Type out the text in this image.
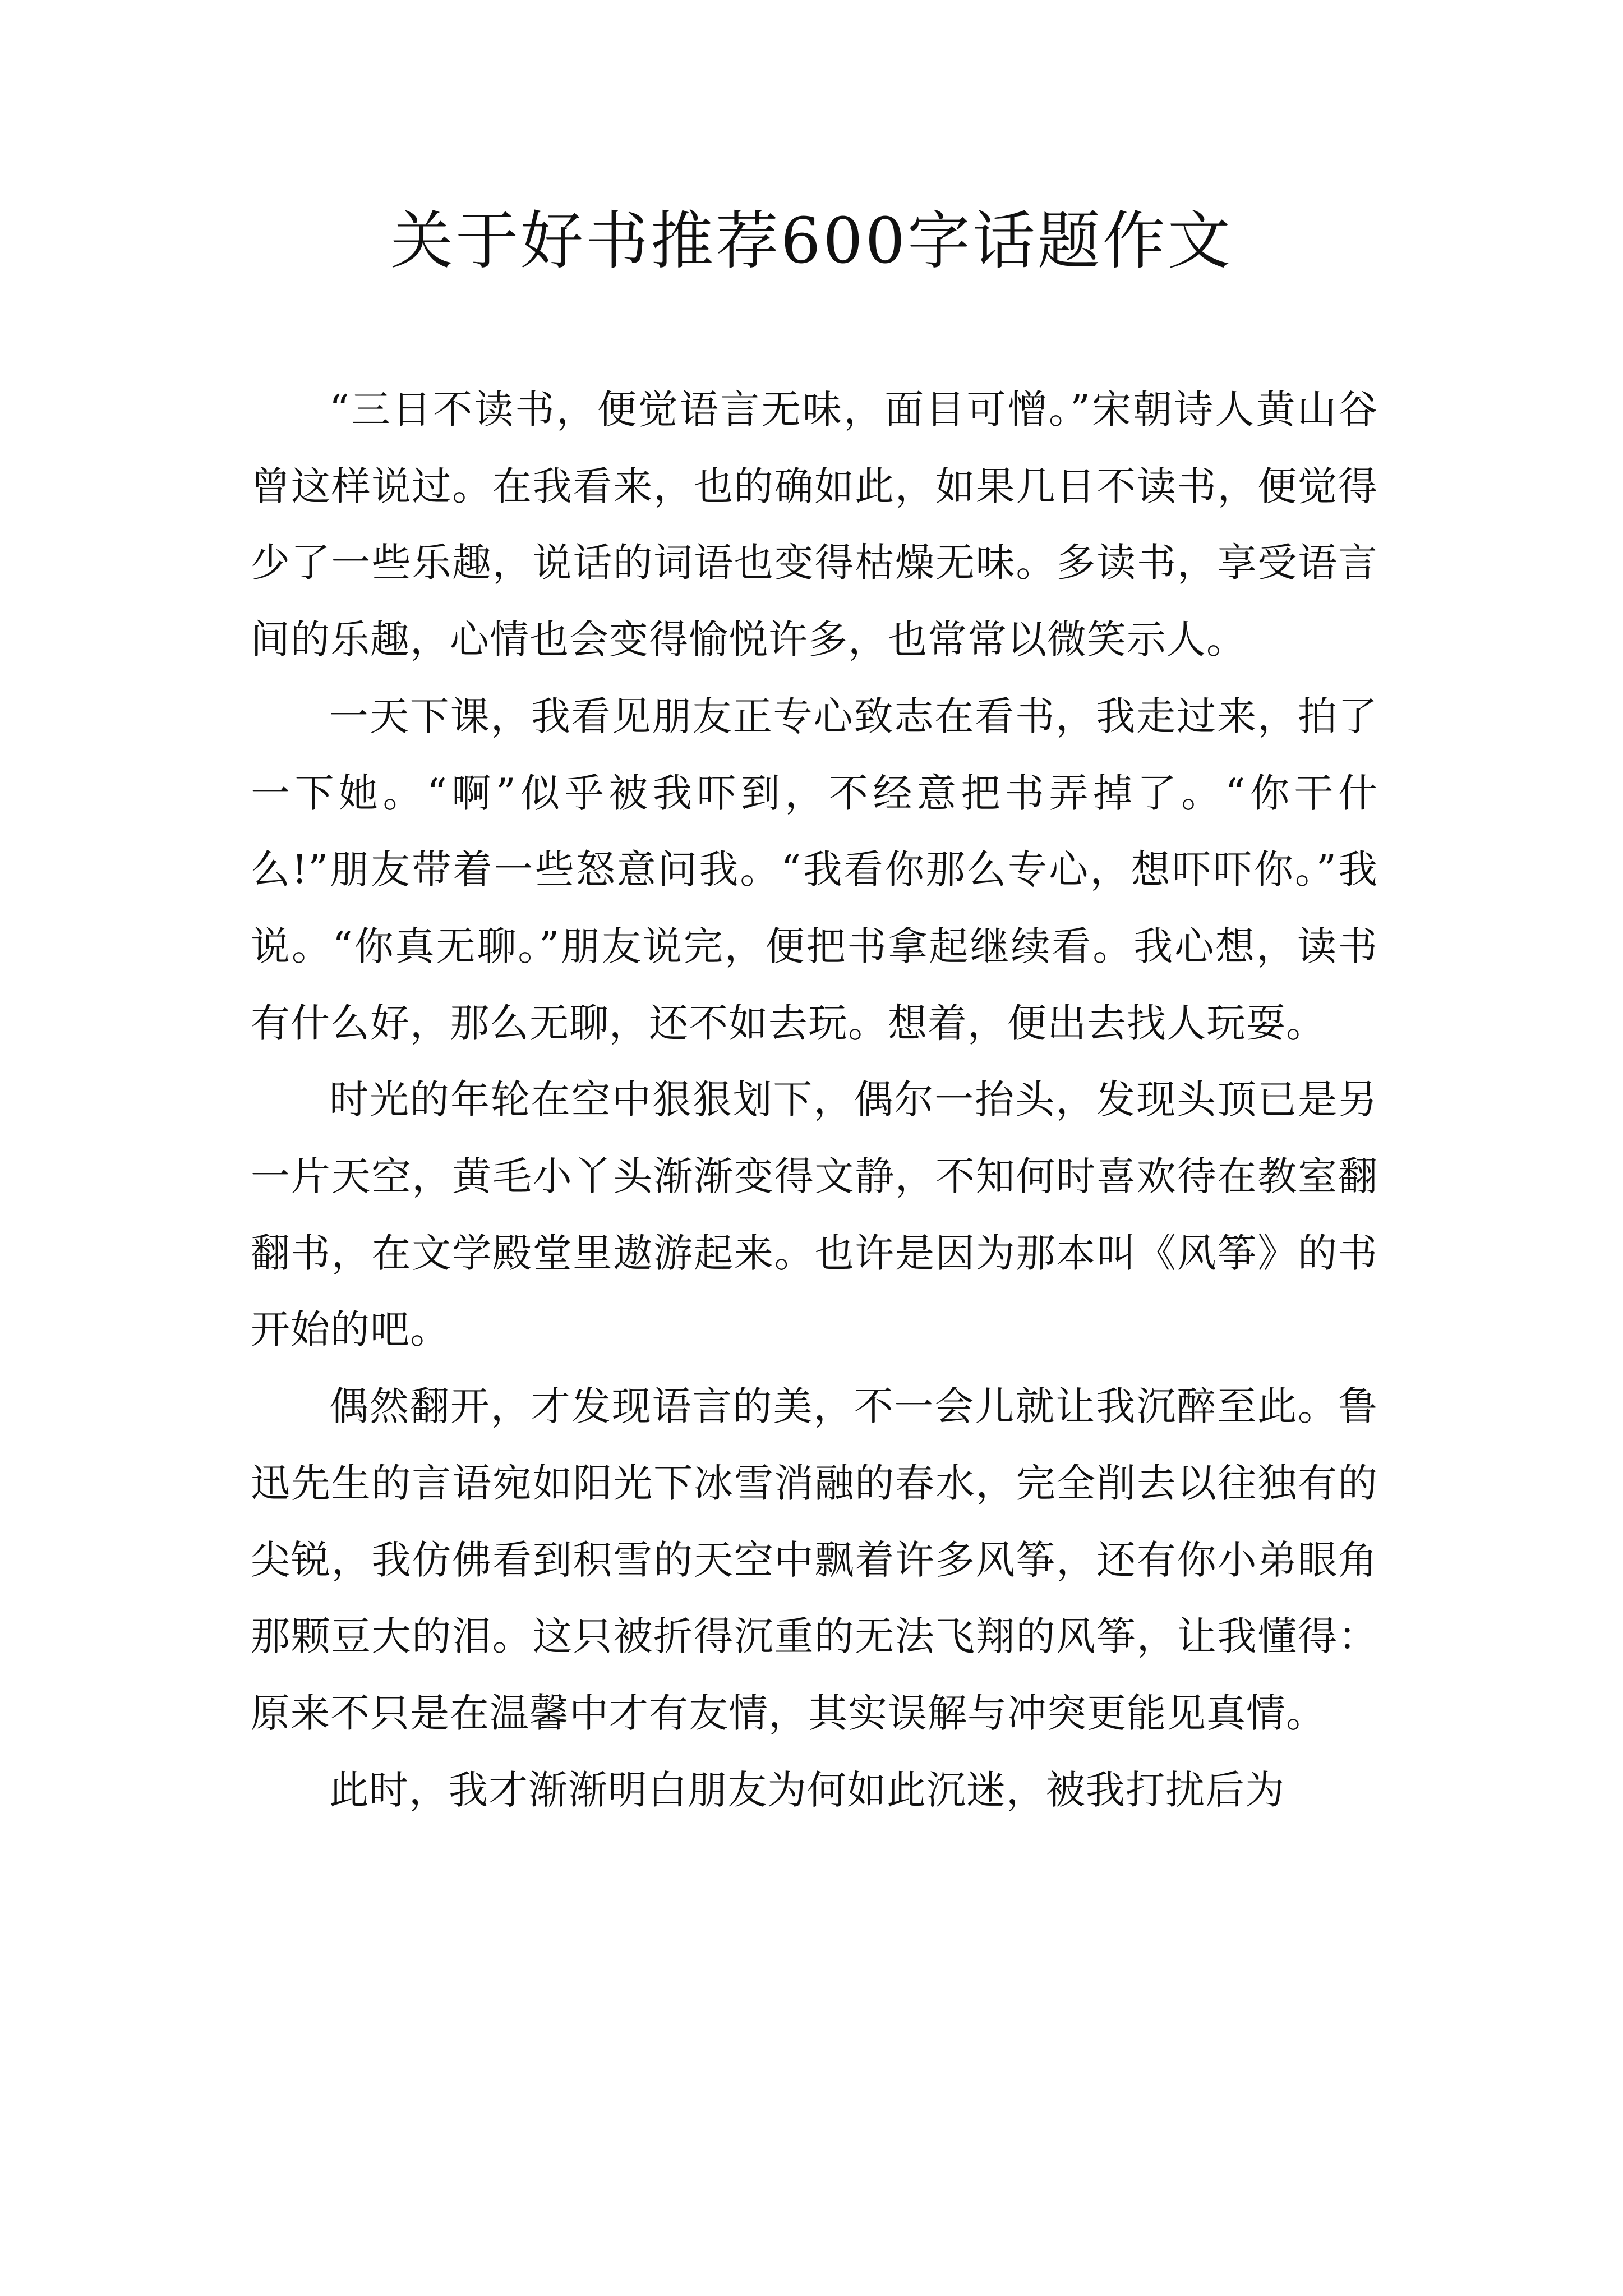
关于好书推荐600字话题作文

“三日不读书，便觉语言无味，面目可憎。”宋朝诗人黄山谷曾这样说过。在我看来，也的确如此，如果几日不读书，便觉得少了一些乐趣，说话的词语也变得枯燥无味。多读书，享受语言间的乐趣，心情也会变得愉悦许多，也常常以微笑示人。

一天下课，我看见朋友正专心致志在看书，我走过来，拍了一下她。“啊”似乎被我吓到，不经意把书弄掉了。“你干什么!”朋友带着一些怒意问我。“我看你那么专心，想吓吓你。”我说。“你真无聊。”朋友说完，便把书拿起继续看。我心想，读书有什么好，那么无聊，还不如去玩。想着，便出去找人玩耍。

时光的年轮在空中狠狠划下，偶尔一抬头，发现头顶已是另一片天空，黄毛小丫头渐渐变得文静，不知何时喜欢待在教室翻翻书，在文学殿堂里遨游起来。也许是因为那本叫《风筝》的书开始的吧。

偶然翻开，才发现语言的美，不一会儿就让我沉醉至此。鲁迅先生的言语宛如阳光下冰雪消融的春水，完全削去以往独有的尖锐，我仿佛看到积雪的天空中飘着许多风筝，还有你小弟眼角那颗豆大的泪。这只被折得沉重的无法飞翔的风筝，让我懂得：原来不只是在温馨中才有友情，其实误解与冲突更能见真情。

此时，我才渐渐明白朋友为何如此沉迷，被我打扰后为
